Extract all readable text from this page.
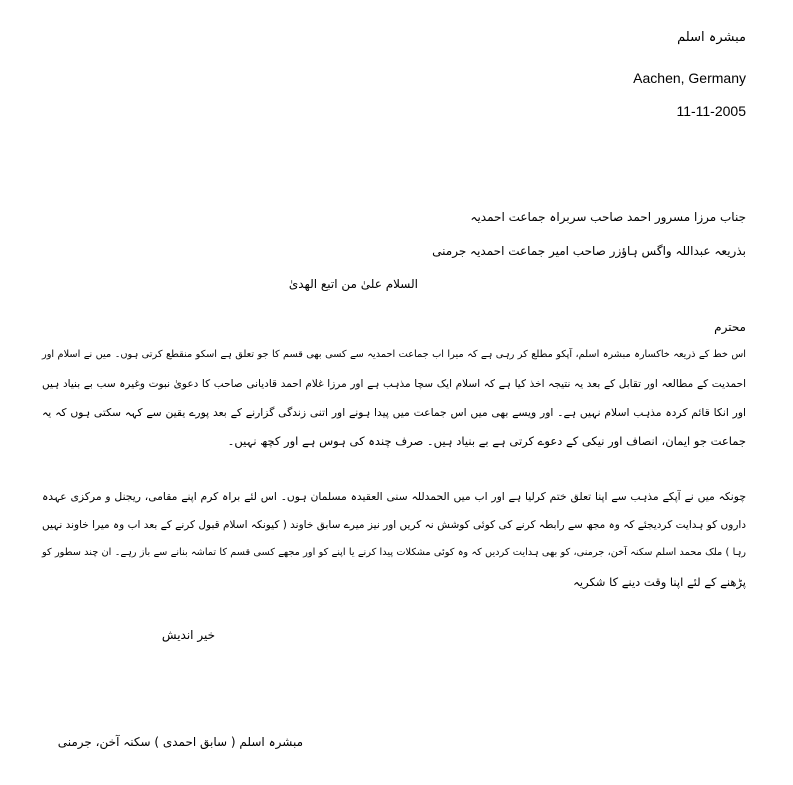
مبشرہ اسلم
Aachen, Germany
11-11-2005
جناب مرزا مسرور احمد صاحب سربراہ جماعت احمدیہ
بذریعہ عبداللہ واگس ہاؤزر صاحب امیر جماعت احمدیہ جرمنی
السلام علیٰ من اتبع الھدیٰ
محترم
اس خط کے ذریعہ خاکسارہ مبشرہ اسلم، آپکو مطلع کر رہی ہے کہ میرا اب جماعت احمدیہ سے کسی بھی قسم کا جو تعلق ہے اسکو منقطع کرتی ہوں۔ میں نے اسلام اور
احمدیت کے مطالعہ اور تقابل کے بعد یہ نتیجہ اخذ کیا ہے کہ اسلام ایک سچا مذہب ہے اور مرزا غلام احمد قادیانی صاحب کا دعویٰ نبوت وغیرہ سب بے بنیاد ہیں
اور انکا قائم کردہ مذہب اسلام نہیں ہے۔ اور ویسے بھی میں اس جماعت میں پیدا ہونے اور اتنی زندگی گزارنے کے بعد پورے یقین سے کہہ سکتی ہوں کہ یہ
جماعت جو ایمان، انصاف اور نیکی کے دعوے کرتی ہے بے بنیاد ہیں۔ صرف چندہ کی ہوس ہے اور کچھ نہیں۔
چونکہ میں نے آپکے مذہب سے اپنا تعلق ختم کرلیا ہے اور اب میں الحمدللہ سنی العقیدہ مسلمان ہوں۔ اس لئے براہ کرم اپنے مقامی، ریجنل و مرکزی عہدہ
داروں کو ہدایت کردیجئے کہ وہ مجھ سے رابطہ کرنے کی کوئی کوشش نہ کریں اور نیز میرے سابق خاوند ( کیونکہ اسلام قبول کرنے کے بعد اب وہ میرا خاوند نہیں
رہا ) ملک محمد اسلم سکنہ آخن، جرمنی، کو بھی ہدایت کردیں کہ وہ کوئی مشکلات پیدا کرنے یا اپنے کو اور مجھے کسی قسم کا تماشہ بنانے سے باز رہے۔ ان چند سطور کو
پڑھنے کے لئے اپنا وقت دینے کا شکریہ
خیر اندیش
مبشرہ اسلم ( سابق احمدی ) سکنہ آخن، جرمنی
